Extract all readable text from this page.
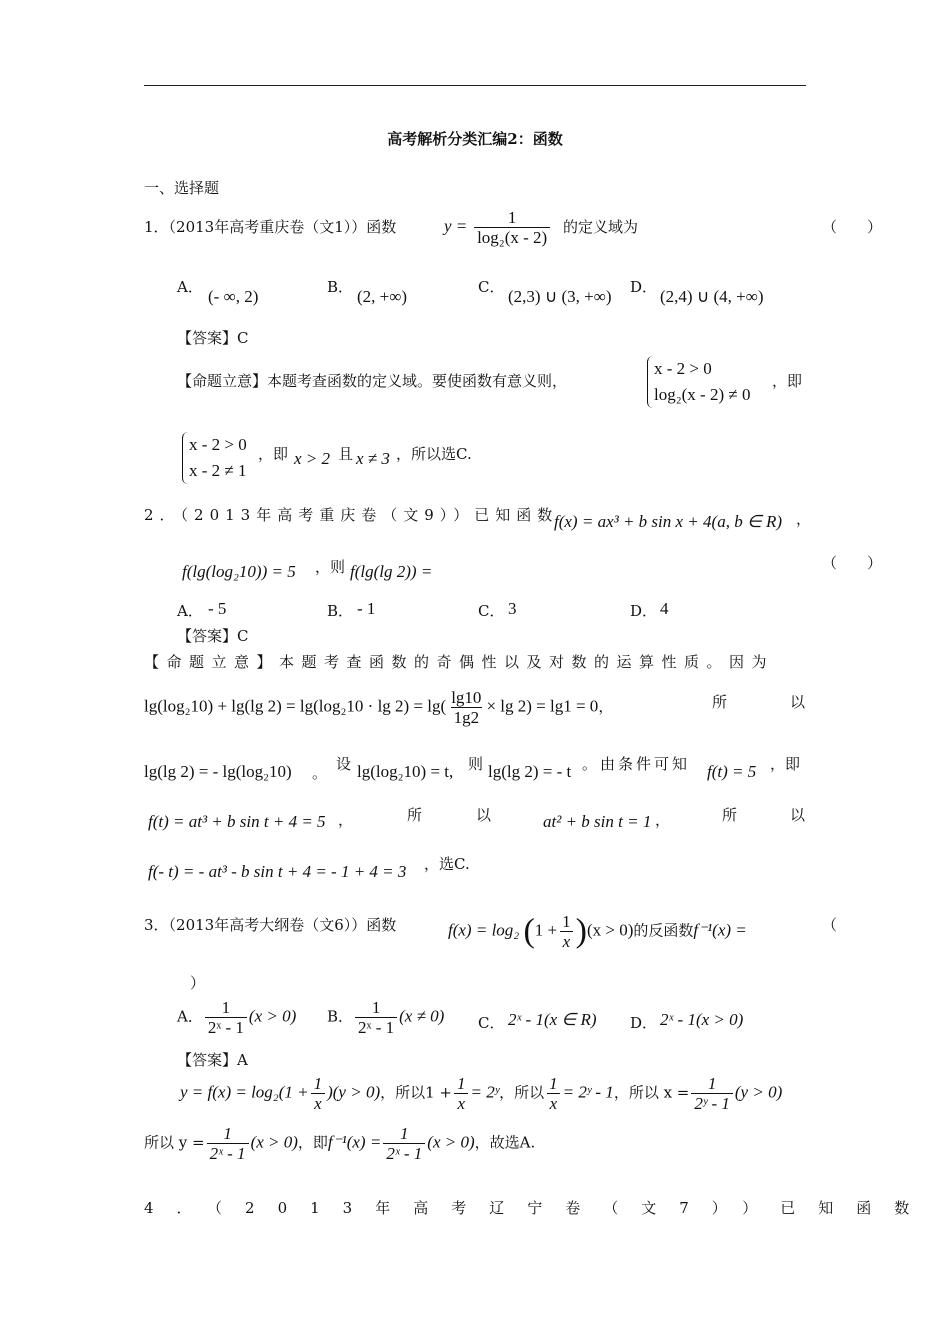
高考解析分类汇编2：函数
一、选择题
1．（2013年高考重庆卷（文1））函数	$y = \frac{1}{\text{log₂(x - 2)}}$ 的定义域为	（　　）
A． (- ∞, 2)	B． (2, +∞)	C． (2,3) ∪ (3, +∞) D． (2,4) ∪ (4, +∞)
【答案】C
【命题立意】本题考查函数的定义域。要使函数有意义则，
x - 2 > 0
log₂(x - 2) ≠ 0
，即
x - 2 > 0
x - 2 ≠ 1
，即 x > 2 且 x ≠ 3 ，所以选C.
2．（2013年高考重庆卷（文9））已知函数
f(x) = ax³ + b sin x + 4(a, b ∈ R) ，
f(lg(log₂10)) = 5 ，则 f(lg(lg 2)) =	（　　）
A． - 5	B． - 1	C． 3	D． 4
【答案】C
【命题立意】本题考查函数的奇偶性以及对数的运算性质。因为
lg(log₂10) + lg(lg $2) = \lg(\log_210 \cdot \lg 2) = \lg( \frac{\lg 10}{1g2} \times \lg 2) = \lg 1 = 0$，	所	以
lg(lg 2) = - lg(log₂10) 。 设 lg(log₂10) = t, 则 lg(lg 2) = - t 。由条件可知 f(t) = 5 ，即
f(t) = at³ + b sin t + 4 = 5 ，	所	以	at² + b sin t = 1 ，	所	以
f(- t) = - at³ - b sin t + 4 = - 1 + 4 = 3 ，选C.
3．（2013年高考大纲卷（文6））函数	f(x) = log₂ $(1 + \frac{1}{x} )(x > 0)$的反函数f⁻¹(x) =	（
）
A． $\frac{1}{\text{2ˣ - 1}} (x > 0)$ B． $\frac{1}{\text{2ˣ - 1}} (x \ne 0)$ C． 2ˣ - 1(x ∈ R) D． 2ˣ - 1(x > 0)
【答案】A
$y = f(x) = \log_2(1 + \frac{1}{x} )(y > 0)$，所以$1 + \frac{1}{x}$ = 2ʸ，所以 $\frac{1}{x}$ = 2ʸ - 1，所以 $x = \frac{1}{\text{2ʸ - 1}} (y > 0)$
所以 $y = \frac{1}{\text{2ˣ - 1}} (x > 0)$，即$f^{-1}(x) = \frac{1}{\text{2ˣ - 1}} (x > 0)$，故选A.
4．（2013年高考辽宁卷（文7））已知函数
